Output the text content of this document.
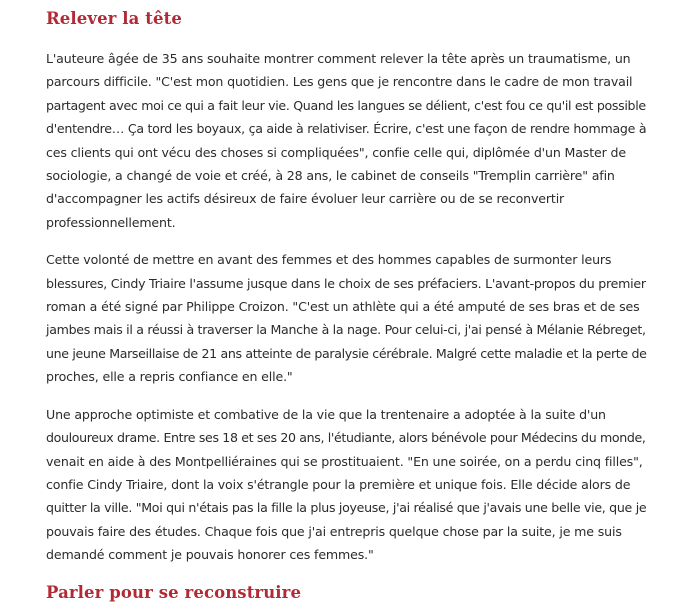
Relever la tête

L'auteure âgée de 35 ans souhaite montrer comment relever la tête après un traumatisme, un
parcours difficile. "C'est mon quotidien. Les gens que je rencontre dans le cadre de mon travail
partagent avec moi ce qui a fait leur vie. Quand les langues se délient, c'est fou ce qu'il est possible
d'entendre… Ça tord les boyaux, ça aide à relativiser. Écrire, c'est une façon de rendre hommage à
ces clients qui ont vécu des choses si compliquées", confie celle qui, diplômée d'un Master de
sociologie, a changé de voie et créé, à 28 ans, le cabinet de conseils "Tremplin carrière" afin
d'accompagner les actifs désireux de faire évoluer leur carrière ou de se reconvertir
professionnellement.

Cette volonté de mettre en avant des femmes et des hommes capables de surmonter leurs
blessures, Cindy Triaire l'assume jusque dans le choix de ses préfaciers. L'avant-propos du premier
roman a été signé par Philippe Croizon. "C'est un athlète qui a été amputé de ses bras et de ses
jambes mais il a réussi à traverser la Manche à la nage. Pour celui-ci, j'ai pensé à Mélanie Rébreget,
une jeune Marseillaise de 21 ans atteinte de paralysie cérébrale. Malgré cette maladie et la perte de
proches, elle a repris confiance en elle."

Une approche optimiste et combative de la vie que la trentenaire a adoptée à la suite d'un
douloureux drame. Entre ses 18 et ses 20 ans, l'étudiante, alors bénévole pour Médecins du monde,
venait en aide à des Montpelliéraines qui se prostituaient. "En une soirée, on a perdu cinq filles",
confie Cindy Triaire, dont la voix s'étrangle pour la première et unique fois. Elle décide alors de
quitter la ville. "Moi qui n'étais pas la fille la plus joyeuse, j'ai réalisé que j'avais une belle vie, que je
pouvais faire des études. Chaque fois que j'ai entrepris quelque chose par la suite, je me suis
demandé comment je pouvais honorer ces femmes."

Parler pour se reconstruire
